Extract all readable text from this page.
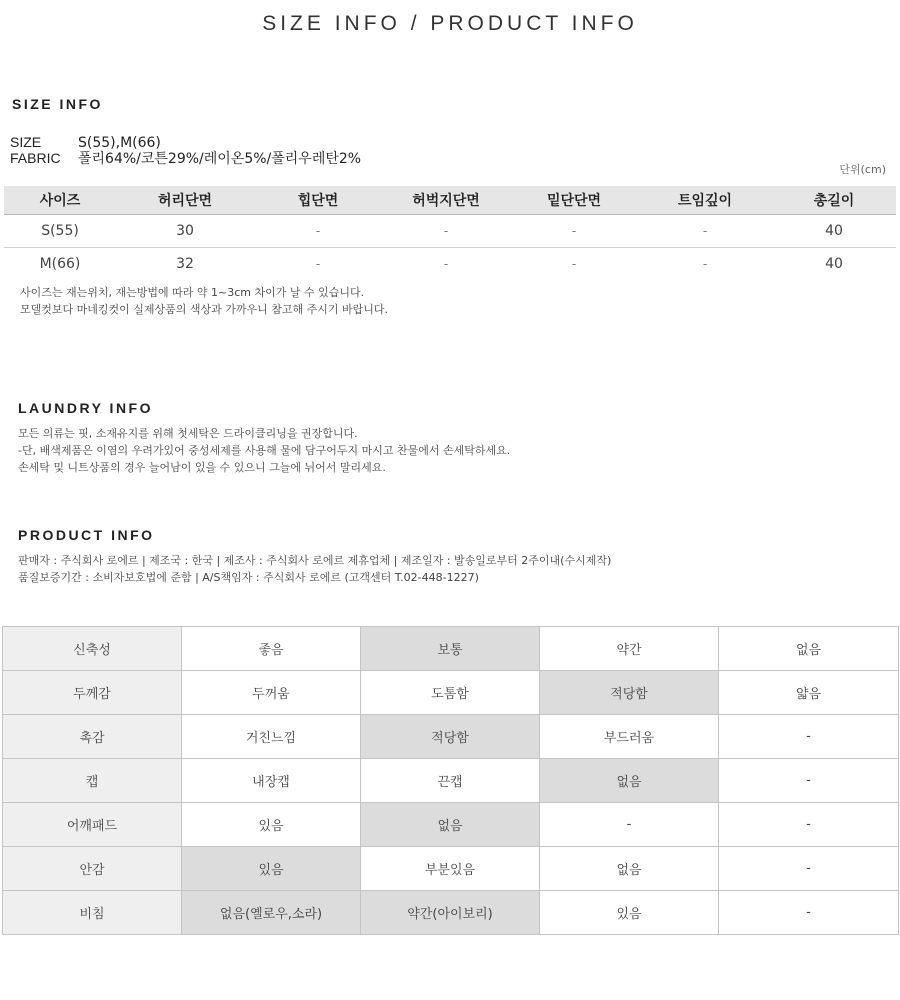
SIZE INFO / PRODUCT INFO
SIZE INFO
SIZE	S(55),M(66)
FABRIC 폴리64%/코튼29%/레이온5%/폴리우레탄2%
단위(cm)
사이즈	허리단면	힙단면	허벅지단면	밑단단면	트임깊이	총길이
S(55)	30	-	-	-	-	40
M(66)	32	-	-	-	-	40
사이즈는 재는위치, 재는방법에 따라 약 1~3cm 차이가 날 수 있습니다.
모델컷보다 마네킹컷이 실제상품의 색상과 가까우니 참고해 주시기 바랍니다.
LAUNDRY INFO
모든 의류는 핏, 소재유지를 위해 첫세탁은 드라이클리닝을 권장합니다.
-단, 배색제품은 이염의 우려가있어 중성세제를 사용해 물에 담구어두지 마시고 찬물에서 손세탁하세요.
손세탁 및 니트상품의 경우 늘어남이 있을 수 있으니 그늘에 뉘어서 말리세요.
PRODUCT INFO
판매자 : 주식회사 로에르 | 제조국 : 한국 | 제조사 : 주식회사 로에르 제휴업체 | 제조일자 : 발송일로부터 2주이내(수시제작)
품질보증기간 : 소비자보호법에 준함 | A/S책임자 : 주식회사 로에르 (고객센터 T.02-448-1227)
신축성	좋음	보통	약간	없음
두께감	두꺼움	도톰함	적당함	얇음
촉감	거친느낌	적당함	부드러움	-
캡	내장캡	끈캡	없음	-
어깨패드	있음	없음	-	-
안감	있음	부분있음	없음	-
비침	없음(옐로우,소라)	약간(아이보리)	있음	-
